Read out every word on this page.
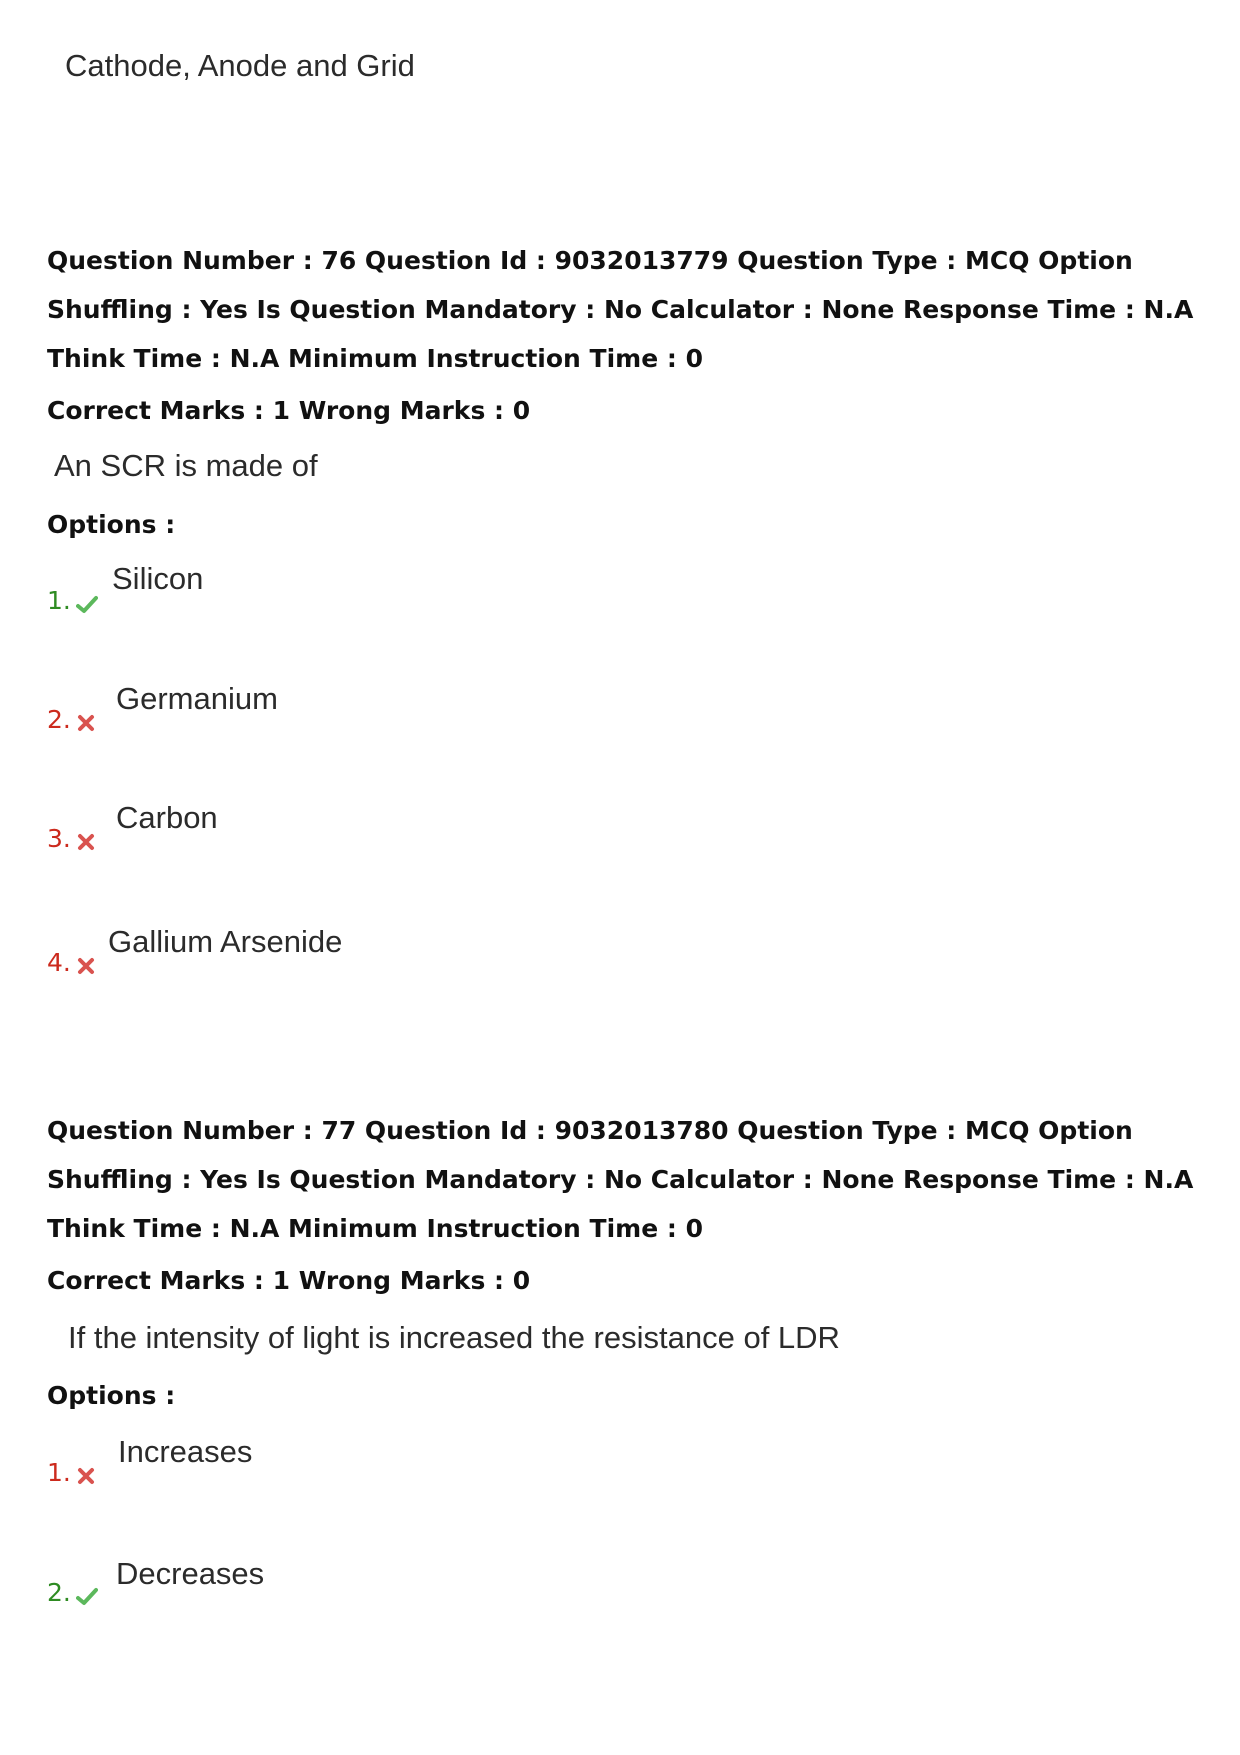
Cathode, Anode and Grid
Question Number : 76 Question Id : 9032013779 Question Type : MCQ Option Shuffling : Yes Is Question Mandatory : No Calculator : None Response Time : N.A Think Time : N.A Minimum Instruction Time : 0
Correct Marks : 1 Wrong Marks : 0
An SCR is made of
Options :
1.
Silicon
2.
Germanium
3.
Carbon
4.
Gallium Arsenide
Question Number : 77 Question Id : 9032013780 Question Type : MCQ Option Shuffling : Yes Is Question Mandatory : No Calculator : None Response Time : N.A Think Time : N.A Minimum Instruction Time : 0
Correct Marks : 1 Wrong Marks : 0
If the intensity of light is increased the resistance of LDR
Options :
1.
Increases
2.
Decreases
